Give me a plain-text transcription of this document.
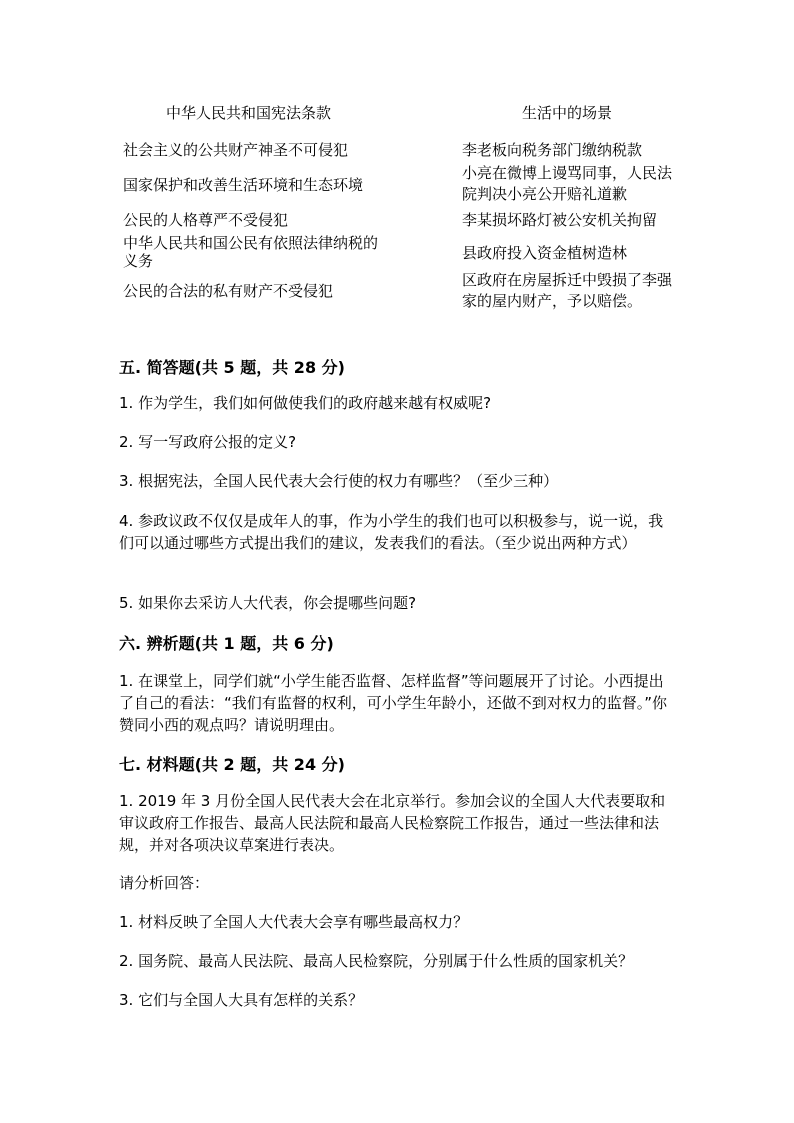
中华人民共和国宪法条款	生活中的场景
社会主义的公共财产神圣不可侵犯
国家保护和改善生活环境和生态环境
公民的人格尊严不受侵犯
中华人民共和国公民有依照法律纳税的义务
公民的合法的私有财产不受侵犯
李老板向税务部门缴纳税款
小亮在微博上谩骂同事，人民法院判决小亮公开赔礼道歉
李某损坏路灯被公安机关拘留
县政府投入资金植树造林
区政府在房屋拆迁中毁损了李强家的屋内财产，予以赔偿。
五. 简答题(共 5 题，共 28 分)
1. 作为学生，我们如何做使我们的政府越来越有权威呢?
2. 写一写政府公报的定义?
3. 根据宪法，全国人民代表大会行使的权力有哪些？（至少三种）
4. 参政议政不仅仅是成年人的事，作为小学生的我们也可以积极参与，说一说，我们可以通过哪些方式提出我们的建议，发表我们的看法。（至少说出两种方式）
5. 如果你去采访人大代表，你会提哪些问题?
六. 辨析题(共 1 题，共 6 分)
1. 在课堂上，同学们就“小学生能否监督、怎样监督”等问题展开了讨论。小西提出了自己的看法：“我们有监督的权利，可小学生年龄小，还做不到对权力的监督。”你赞同小西的观点吗？请说明理由。
七. 材料题(共 2 题，共 24 分)
1. 2019 年 3 月份全国人民代表大会在北京举行。参加会议的全国人大代表要取和审议政府工作报告、最高人民法院和最高人民检察院工作报告，通过一些法律和法规，并对各项决议草案进行表决。
请分析回答：
1. 材料反映了全国人大代表大会享有哪些最高权力？
2. 国务院、最高人民法院、最高人民检察院，分别属于什么性质的国家机关？
3. 它们与全国人大具有怎样的关系？
